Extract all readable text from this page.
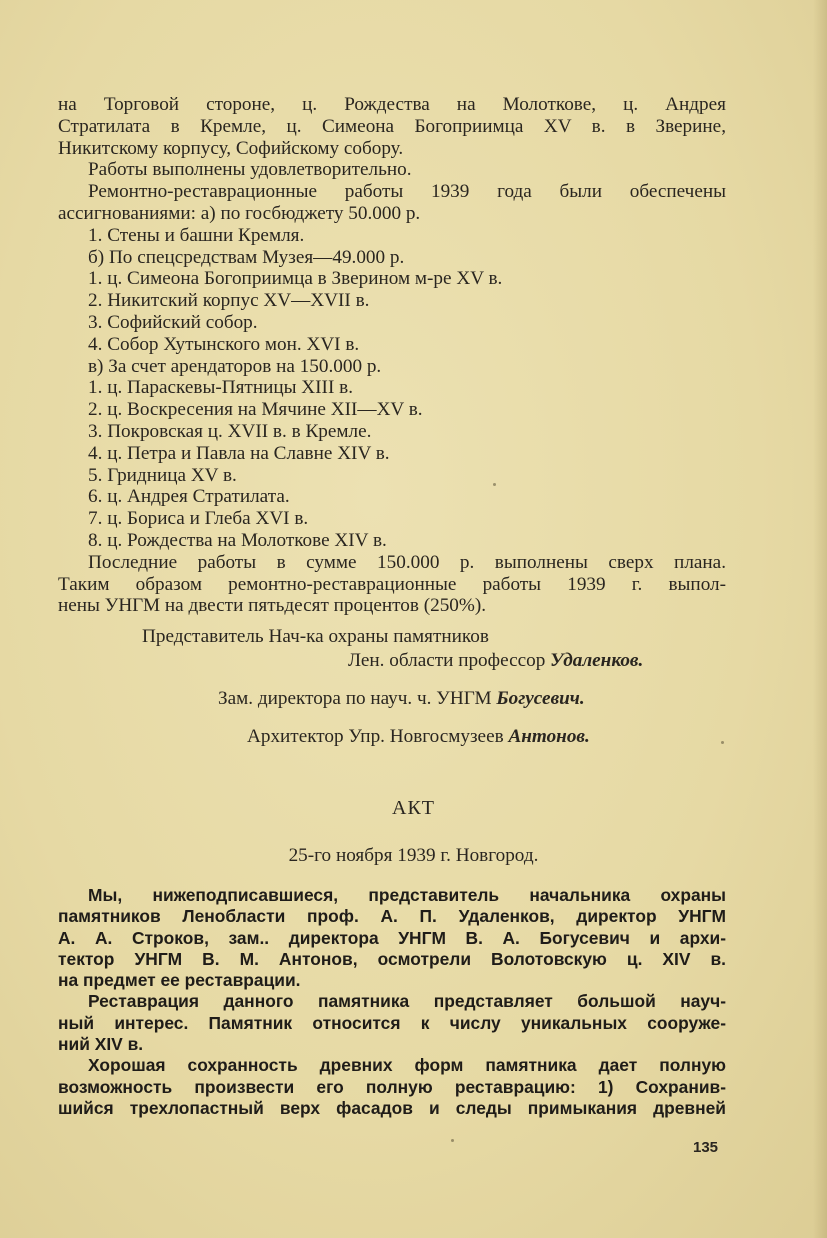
на Торговой стороне, ц. Рождества на Молоткове, ц. Андрея
Стратилата в Кремле, ц. Симеона Богоприимца XV в. в Зверине,
Никитскому корпусу, Софийскому собору.
Работы выполнены удовлетворительно.
Ремонтно-реставрационные работы 1939 года были обеспечены
ассигнованиями: а) по госбюджету 50.000 р.
1. Стены и башни Кремля.
б) По спецсредствам Музея—49.000 р.
1. ц. Симеона Богоприимца в Зверином м-ре XV в.
2. Никитский корпус XV—XVII в.
3. Софийский собор.
4. Собор Хутынского мон. XVI в.
в) За счет арендаторов на 150.000 р.
1. ц. Параскевы-Пятницы XIII в.
2. ц. Воскресения на Мячине XII—XV в.
3. Покровская ц. XVII в. в Кремле.
4. ц. Петра и Павла на Славне XIV в.
5. Гридница XV в.
6. ц. Андрея Стратилата.
7. ц. Бориса и Глеба XVI в.
8. ц. Рождества на Молоткове XIV в.
Последние работы в сумме 150.000 р. выполнены сверх плана.
Таким образом ремонтно-реставрационные работы 1939 г. выпол-
нены УНГМ на двести пятьдесят процентов (250%).
Представитель Нач-ка охраны памятников
Лен. области профессор Удаленков.
Зам. директора по науч. ч. УНГМ Богусевич.
Архитектор Упр. Новгосмузеев Антонов.
АКТ
25-го ноября 1939 г. Новгород.
Мы, нижеподписавшиеся, представитель начальника охраны
памятников Ленобласти проф. А. П. Удаленков, директор УНГМ
А. А. Строков, зам.. директора УНГМ В. А. Богусевич и архи-
тектор УНГМ В. М. Антонов, осмотрели Волотовскую ц. XIV в.
на предмет ее реставрации.
Реставрация данного памятника представляет большой науч-
ный интерес. Памятник относится к числу уникальных сооруже-
ний XIV в.
Хорошая сохранность древних форм памятника дает полную
возможность произвести его полную реставрацию: 1) Сохранив-
шийся трехлопастный верх фасадов и следы примыкания древней
135
